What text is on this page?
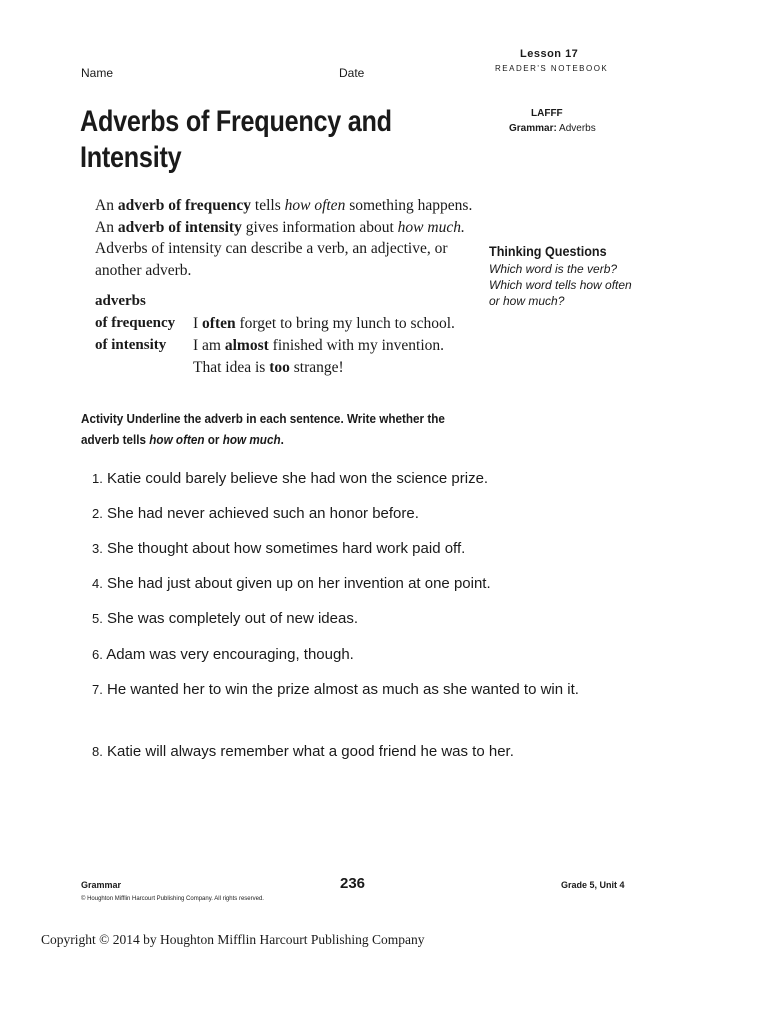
Lesson 17
READER'S NOTEBOOK
Name	Date
Adverbs of Frequency and
Intensity
LAFFF
Grammar: Adverbs
An adverb of frequency tells how often something happens. An adverb of intensity gives information about how much. Adverbs of intensity can describe a verb, an adjective, or another adverb.
Thinking Questions
Which word is the verb? Which word tells how often or how much?
adverbs
of frequency I often forget to bring my lunch to school.
of intensity I am almost finished with my invention.
That idea is too strange!
Activity Underline the adverb in each sentence. Write whether the adverb tells how often or how much.
1. Katie could barely believe she had won the science prize.
2. She had never achieved such an honor before.
3. She thought about how sometimes hard work paid off.
4. She had just about given up on her invention at one point.
5. She was completely out of new ideas.
6. Adam was very encouraging, though.
7. He wanted her to win the prize almost as much as she wanted to win it.
8. Katie will always remember what a good friend he was to her.
Grammar	236	Grade 5, Unit 4
© Houghton Mifflin Harcourt Publishing Company. All rights reserved.
Copyright © 2014 by Houghton Mifflin Harcourt Publishing Company
